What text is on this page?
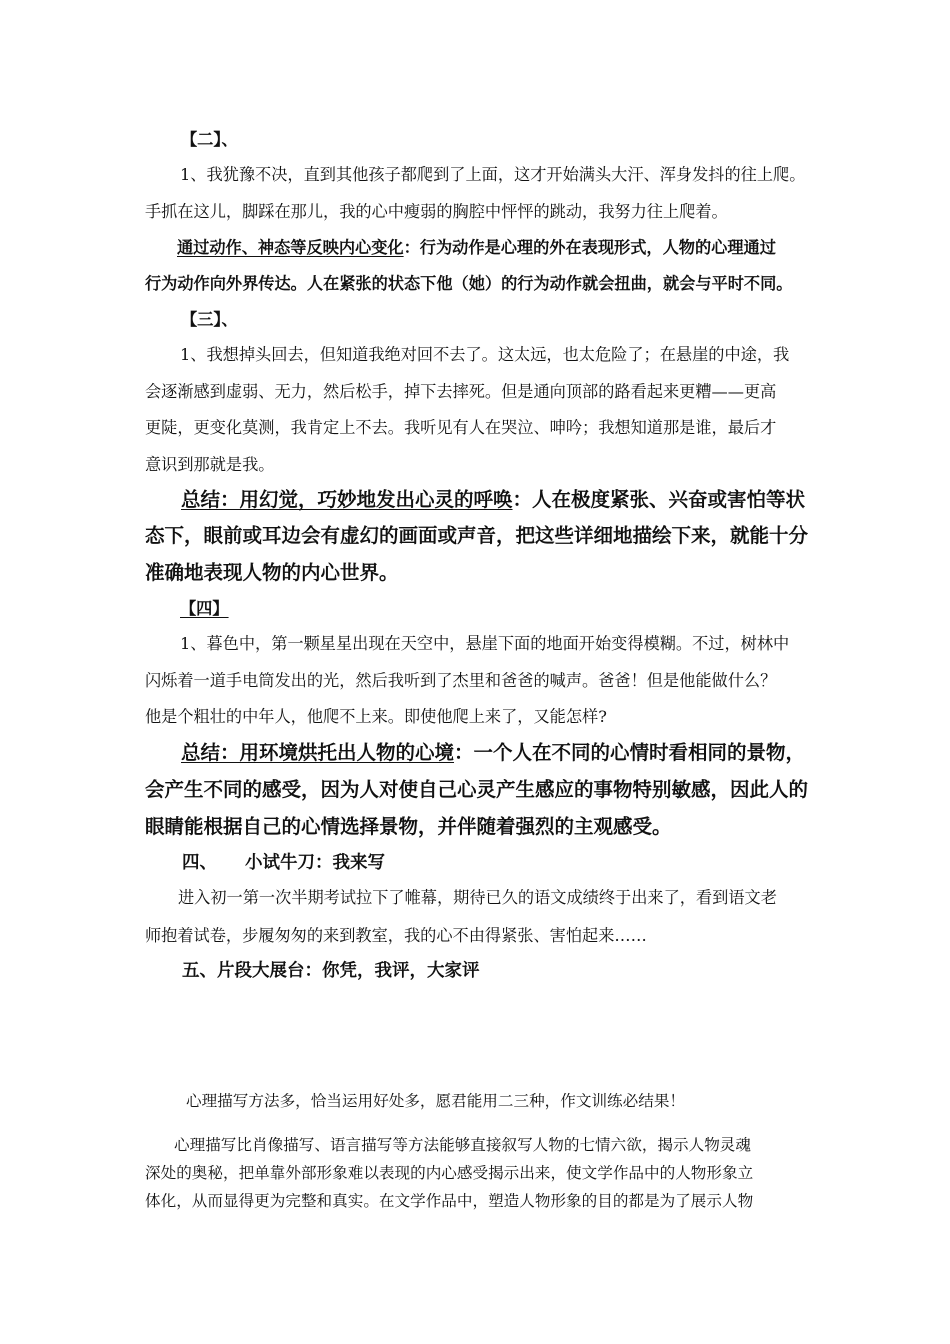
【二】、
1、我犹豫不决，直到其他孩子都爬到了上面，这才开始满头大汗、浑身发抖的往上爬。
手抓在这儿，脚踩在那儿，我的心中瘦弱的胸腔中怦怦的跳动，我努力往上爬着。
通过动作、神态等反映内心变化：行为动作是心理的外在表现形式，人物的心理通过
行为动作向外界传达。人在紧张的状态下他（她）的行为动作就会扭曲，就会与平时不同。
【三】、
1、我想掉头回去，但知道我绝对回不去了。这太远，也太危险了；在悬崖的中途，我
会逐渐感到虚弱、无力，然后松手，掉下去摔死。但是通向顶部的路看起来更糟——更高
更陡，更变化莫测，我肯定上不去。我听见有人在哭泣、呻吟；我想知道那是谁，最后才
意识到那就是我。
总结：用幻觉，巧妙地发出心灵的呼唤：人在极度紧张、兴奋或害怕等状
态下，眼前或耳边会有虚幻的画面或声音，把这些详细地描绘下来，就能十分
准确地表现人物的内心世界。
【四】
1、暮色中，第一颗星星出现在天空中，悬崖下面的地面开始变得模糊。不过，树林中
闪烁着一道手电筒发出的光，然后我听到了杰里和爸爸的喊声。爸爸！但是他能做什么？
他是个粗壮的中年人，他爬不上来。即使他爬上来了，又能怎样?
总结：用环境烘托出人物的心境：一个人在不同的心情时看相同的景物，
会产生不同的感受，因为人对使自己心灵产生感应的事物特别敏感，因此人的
眼睛能根据自己的心情选择景物，并伴随着强烈的主观感受。
四、 小试牛刀：我来写
进入初一第一次半期考试拉下了帷幕，期待已久的语文成绩终于出来了，看到语文老
师抱着试卷，步履匆匆的来到教室，我的心不由得紧张、害怕起来……
五、片段大展台：你凭，我评，大家评
心理描写方法多，恰当运用好处多，愿君能用二三种，作文训练必结果！
心理描写比肖像描写、语言描写等方法能够直接叙写人物的七情六欲，揭示人物灵魂
深处的奥秘，把单靠外部形象难以表现的内心感受揭示出来，使文学作品中的人物形象立
体化，从而显得更为完整和真实。在文学作品中，塑造人物形象的目的都是为了展示人物
